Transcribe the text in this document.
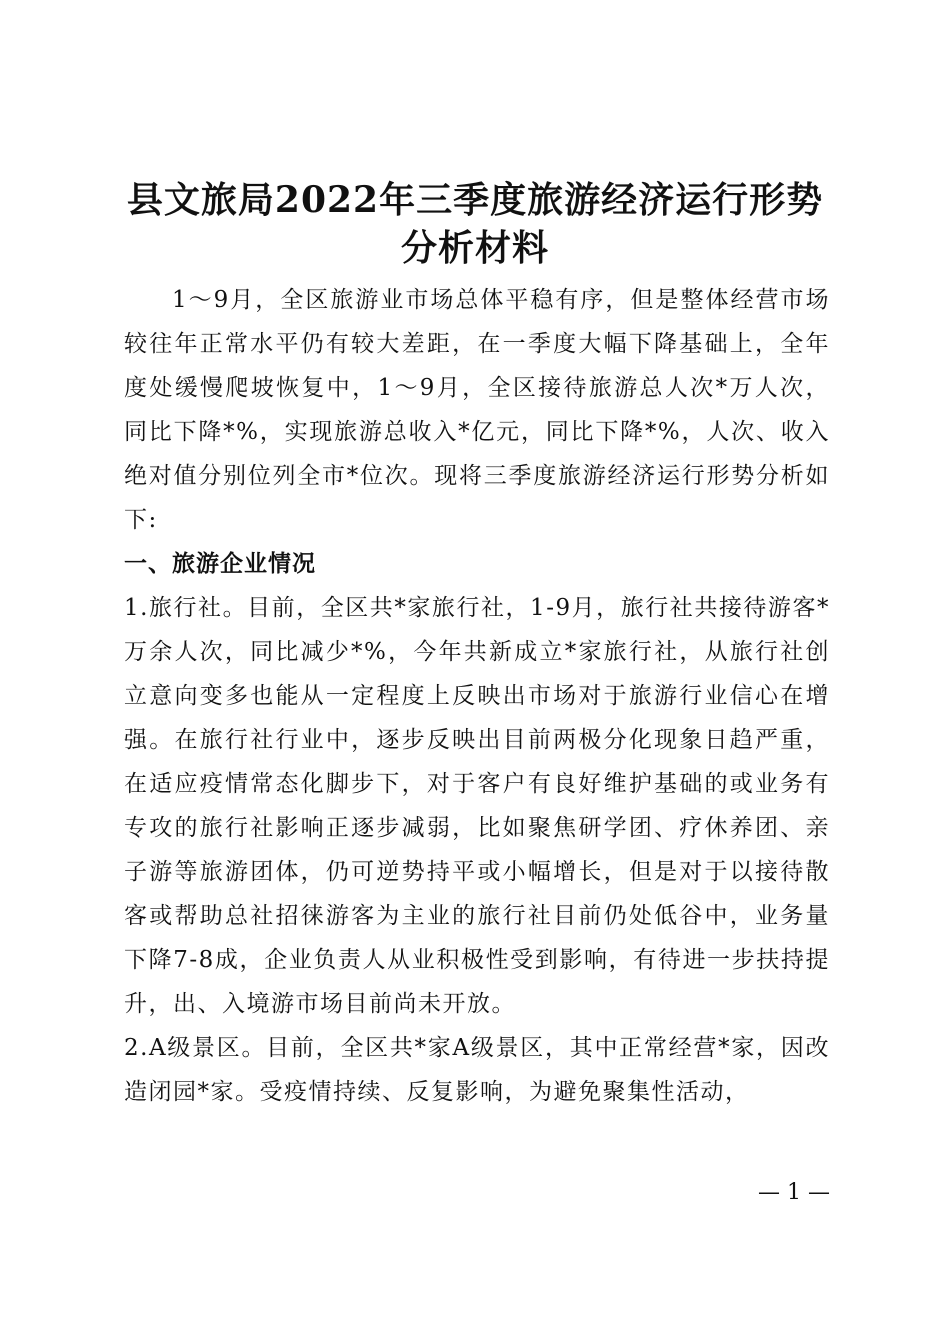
县文旅局2022年三季度旅游经济运行形势分析材料

1～9月，全区旅游业市场总体平稳有序，但是整体经营市场较往年正常水平仍有较大差距，在一季度大幅下降基础上，全年度处缓慢爬坡恢复中，1～9月，全区接待旅游总人次*万人次，同比下降*%，实现旅游总收入*亿元，同比下降*%，人次、收入绝对值分别位列全市*位次。现将三季度旅游经济运行形势分析如下:

一、旅游企业情况

1.旅行社。目前，全区共*家旅行社，1-9月，旅行社共接待游客*万余人次，同比减少*%，今年共新成立*家旅行社，从旅行社创立意向变多也能从一定程度上反映出市场对于旅游行业信心在增强。在旅行社行业中，逐步反映出目前两极分化现象日趋严重，在适应疫情常态化脚步下，对于客户有良好维护基础的或业务有专攻的旅行社影响正逐步减弱，比如聚焦研学团、疗休养团、亲子游等旅游团体，仍可逆势持平或小幅增长，但是对于以接待散客或帮助总社招徕游客为主业的旅行社目前仍处低谷中，业务量下降7-8成，企业负责人从业积极性受到影响，有待进一步扶持提升，出、入境游市场目前尚未开放。

2.A级景区。目前，全区共*家A级景区，其中正常经营*家，因改造闭园*家。受疫情持续、反复影响，为避免聚集性活动，

— 1 —
